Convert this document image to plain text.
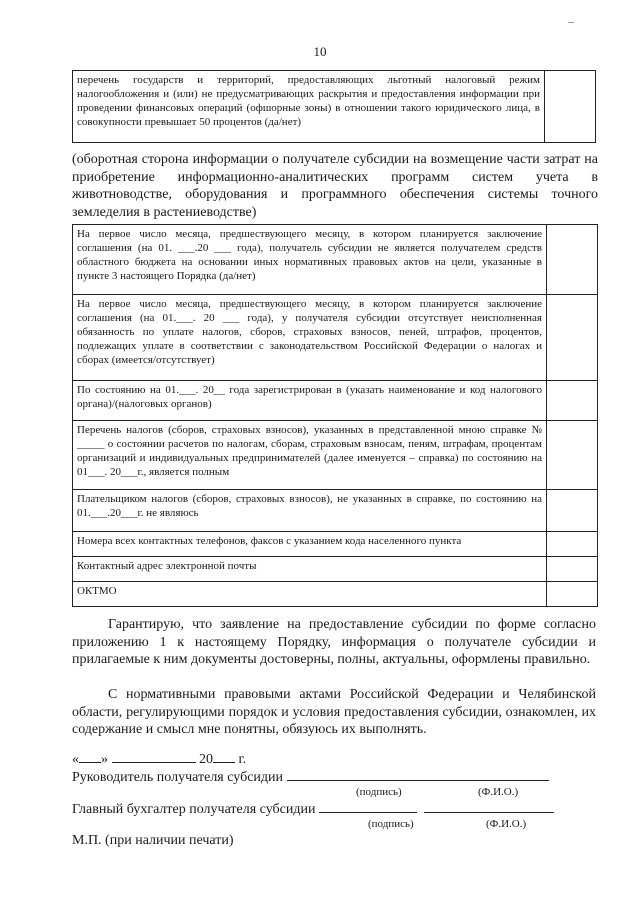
10
перечень государств и территорий, предоставляющих льготный налоговый режим налогообложения и (или) не предусматривающих раскрытия и предоставления информации при проведении финансовых операций (офшорные зоны) в отношении такого юридического лица, в совокупности превышает 50 процентов (да/нет)	
(оборотная сторона информации о получателе субсидии на возмещение части затрат на приобретение информационно-аналитических программ систем учета в животноводстве, оборудования и программного обеспечения системы точного земледелия в растениеводстве)
На первое число месяца, предшествующего месяцу, в котором планируется заключение соглашения (на 01. ___.20 ___ года), получатель субсидии не является получателем средств областного бюджета на основании иных нормативных правовых актов на цели, указанные в пункте 3 настоящего Порядка (да/нет)	
На первое число месяца, предшествующего месяцу, в котором планируется заключение соглашения (на 01.___. 20 ___ года), у получателя субсидии отсутствует неисполненная обязанность по уплате налогов, сборов, страховых взносов, пеней, штрафов, процентов, подлежащих уплате в соответствии с законодательством Российской Федерации о налогах и сборах (имеется/отсутствует)	
По состоянию на 01.___. 20__ года зарегистрирован в (указать наименование и код налогового органа)/(налоговых органов)	
Перечень налогов (сборов, страховых взносов), указанных в представленной мною справке № _____ о состоянии расчетов по налогам, сборам, страховым взносам, пеням, штрафам, процентам организаций и индивидуальных предпринимателей (далее именуется – справка) по состоянию на 01___. 20___г., является полным	
Плательщиком налогов (сборов, страховых взносов), не указанных в справке, по состоянию на 01.___.20___г. не являюсь	
Номера всех контактных телефонов, факсов с указанием кода населенного пункта	
Контактный адрес электронной почты	
ОКТМО	
Гарантирую, что заявление на предоставление субсидии по форме согласно приложению 1 к настоящему Порядку, информация о получателе субсидии и прилагаемые к ним документы достоверны, полны, актуальны, оформлены правильно.
С нормативными правовыми актами Российской Федерации и Челябинской области, регулирующими порядок и условия предоставления субсидии, ознакомлен, их содержание и смысл мне понятны, обязуюсь их выполнять.
« »	20 г.
Руководитель получателя субсидии
(подпись)	(Ф.И.О.)
Главный бухгалтер получателя субсидии
(подпись)	(Ф.И.О.)
М.П. (при наличии печати)
